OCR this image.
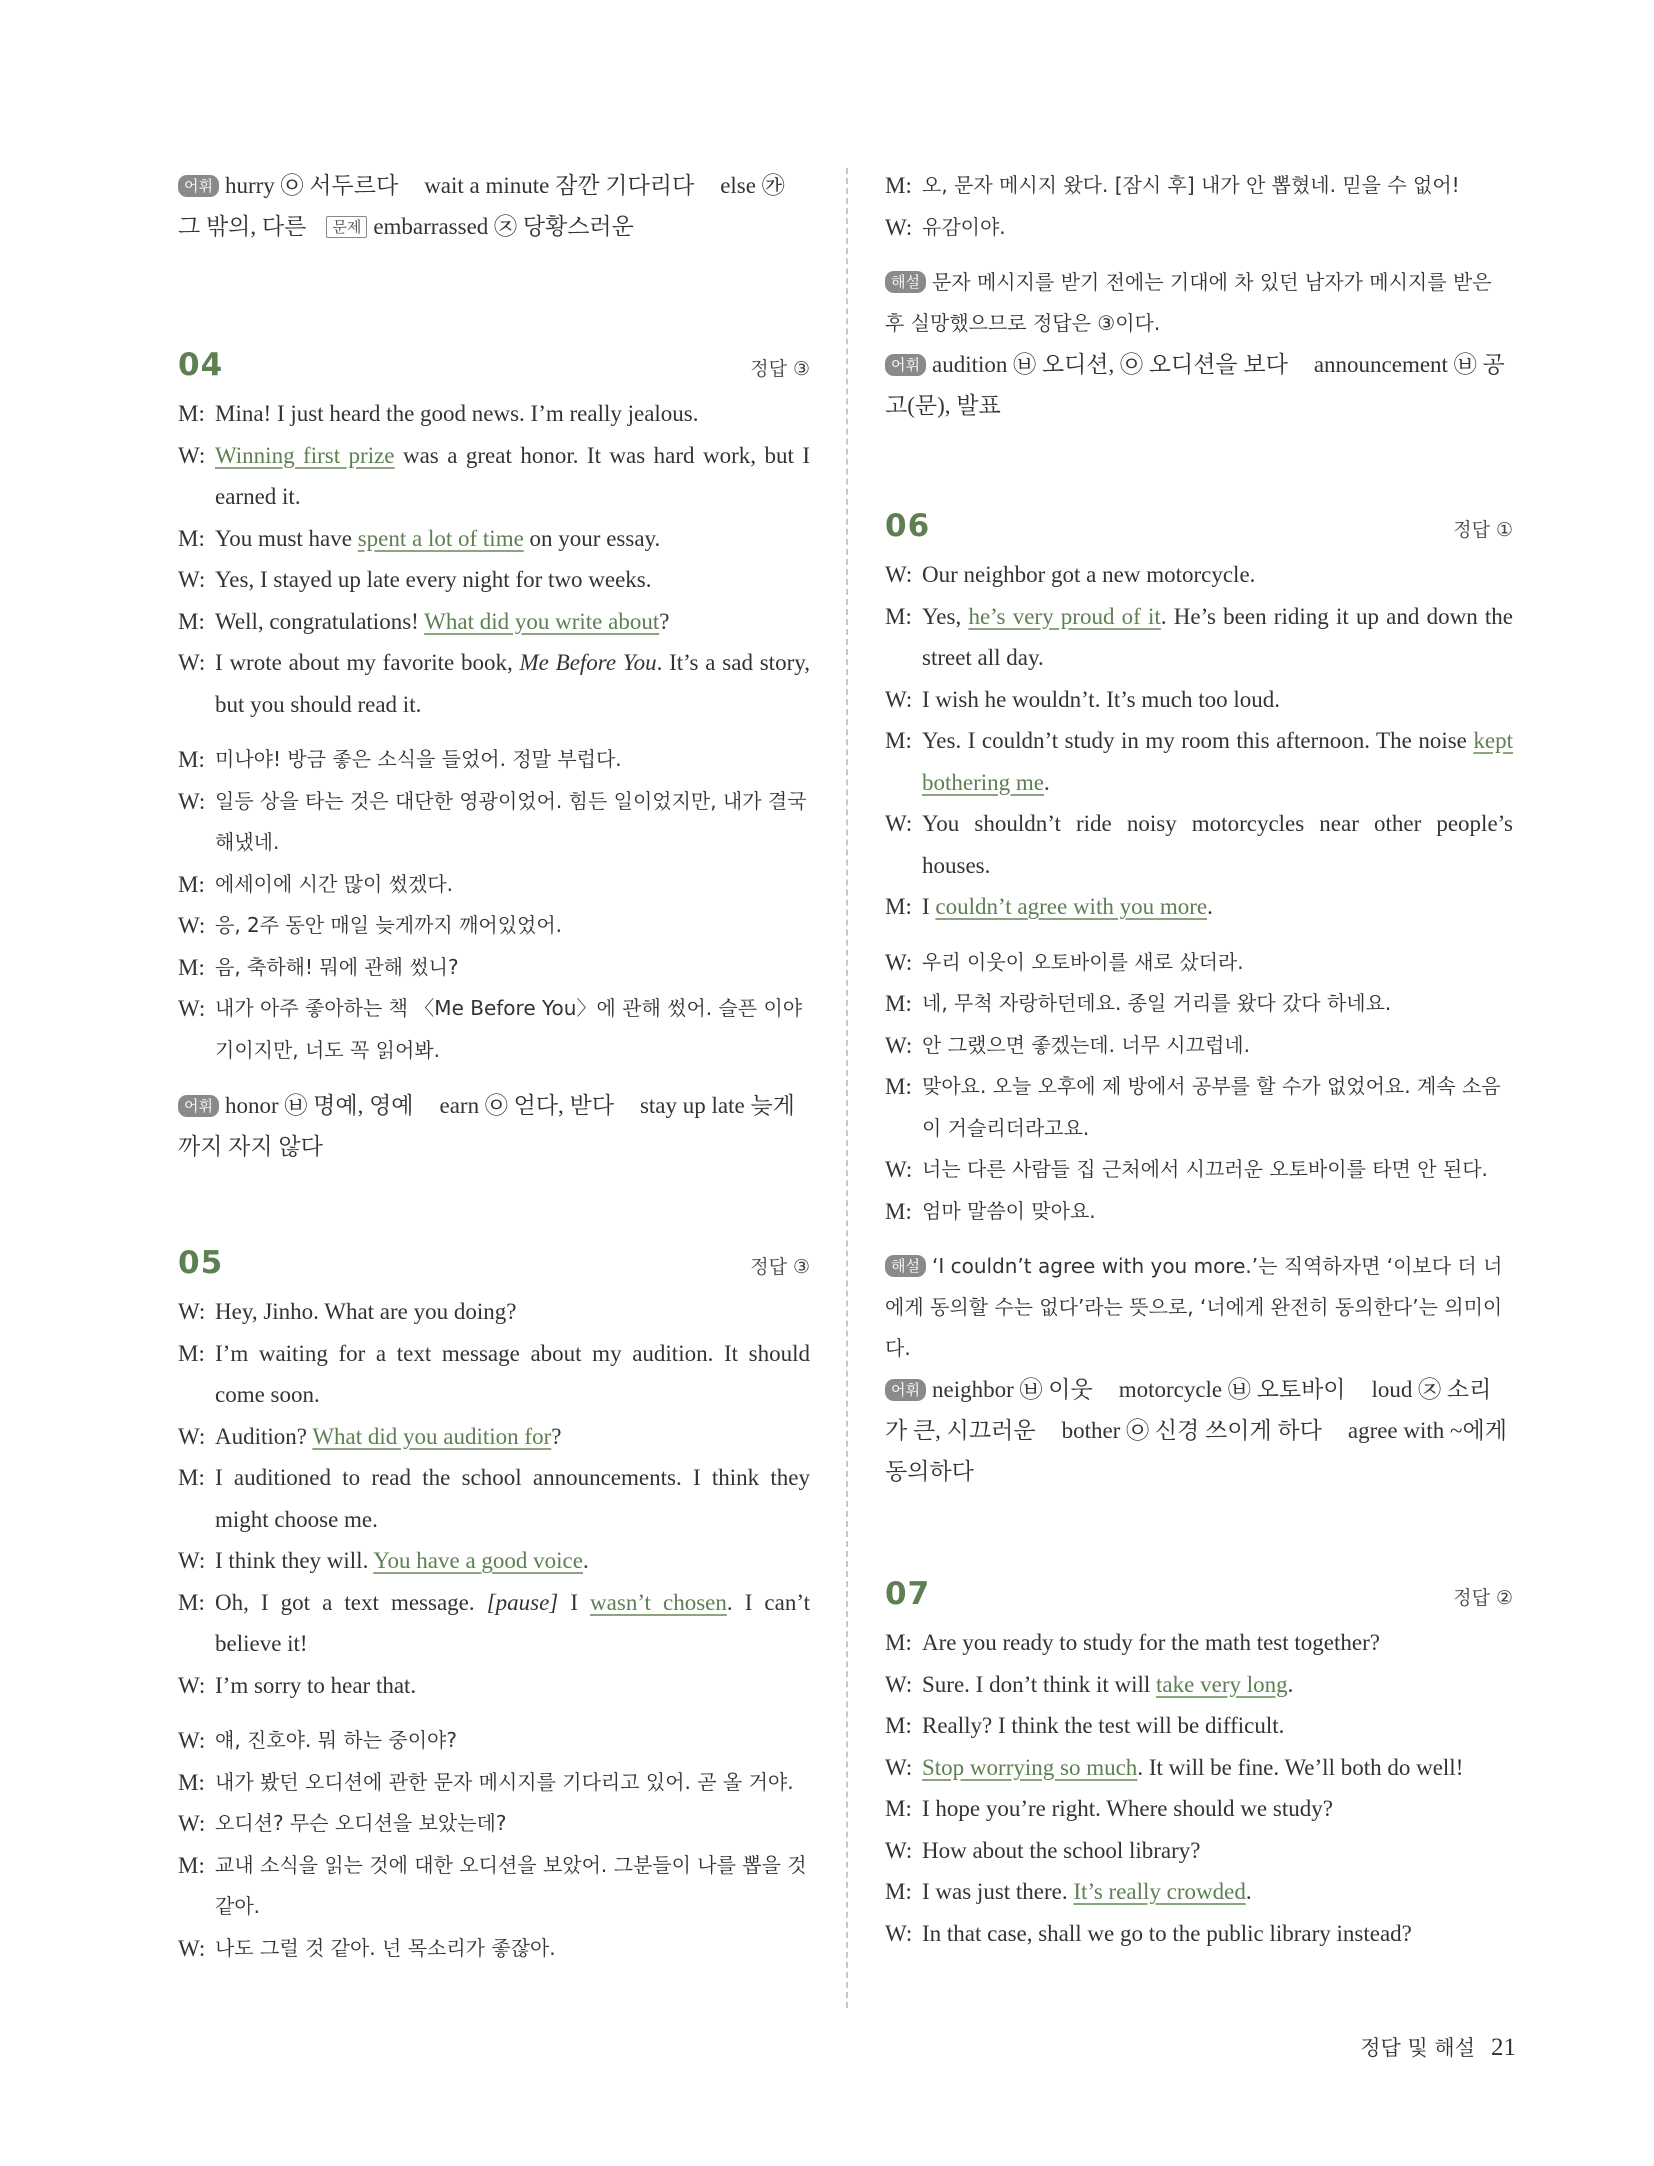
어휘 hurry ㉧ 서두르다 wait a minute 잠깐 기다리다 else ㉮ 그 밖의, 다른 문제 embarrassed ㉨ 당황스러운
04	정답 ③
M: Mina! I just heard the good news. I’m really jealous.
W: Winning first prize was a great honor. It was hard work, but I earned it.
M: You must have spent a lot of time on your essay.
W: Yes, I stayed up late every night for two weeks.
M: Well, congratulations! What did you write about?
W: I wrote about my favorite book, Me Before You. It’s a sad story, but you should read it.
M: 미나야! 방금 좋은 소식을 들었어. 정말 부럽다.
W: 일등 상을 타는 것은 대단한 영광이었어. 힘든 일이었지만, 내가 결국 해냈네.
M: 에세이에 시간 많이 썼겠다.
W: 응, 2주 동안 매일 늦게까지 깨어있었어.
M: 음, 축하해! 뭐에 관해 썼니?
W: 내가 아주 좋아하는 책 〈Me Before You〉에 관해 썼어. 슬픈 이야기이지만, 너도 꼭 읽어봐.
어휘 honor ㉥ 명예, 영예 earn ㉧ 얻다, 받다 stay up late 늦게까지 자지 않다
05	정답 ③
W: Hey, Jinho. What are you doing?
M: I’m waiting for a text message about my audition. It should come soon.
W: Audition? What did you audition for?
M: I auditioned to read the school announcements. I think they might choose me.
W: I think they will. You have a good voice.
M: Oh, I got a text message. [pause] I wasn’t chosen. I can’t believe it!
W: I’m sorry to hear that.
W: 얘, 진호야. 뭐 하는 중이야?
M: 내가 봤던 오디션에 관한 문자 메시지를 기다리고 있어. 곧 올 거야.
W: 오디션? 무슨 오디션을 보았는데?
M: 교내 소식을 읽는 것에 대한 오디션을 보았어. 그분들이 나를 뽑을 것 같아.
W: 나도 그럴 것 같아. 넌 목소리가 좋잖아.
M: 오, 문자 메시지 왔다. [잠시 후] 내가 안 뽑혔네. 믿을 수 없어!
W: 유감이야.
해설 문자 메시지를 받기 전에는 기대에 차 있던 남자가 메시지를 받은 후 실망했으므로 정답은 ③이다.
어휘 audition ㉥ 오디션, ㉧ 오디션을 보다 announcement ㉥ 공고(문), 발표
06	정답 ①
W: Our neighbor got a new motorcycle.
M: Yes, he’s very proud of it. He’s been riding it up and down the street all day.
W: I wish he wouldn’t. It’s much too loud.
M: Yes. I couldn’t study in my room this afternoon. The noise kept bothering me.
W: You shouldn’t ride noisy motorcycles near other people’s houses.
M: I couldn’t agree with you more.
W: 우리 이웃이 오토바이를 새로 샀더라.
M: 네, 무척 자랑하던데요. 종일 거리를 왔다 갔다 하네요.
W: 안 그랬으면 좋겠는데. 너무 시끄럽네.
M: 맞아요. 오늘 오후에 제 방에서 공부를 할 수가 없었어요. 계속 소음이 거슬리더라고요.
W: 너는 다른 사람들 집 근처에서 시끄러운 오토바이를 타면 안 된다.
M: 엄마 말씀이 맞아요.
해설 ‘I couldn’t agree with you more.’는 직역하자면 ‘이보다 더 너에게 동의할 수는 없다’라는 뜻으로, ‘너에게 완전히 동의한다’는 의미이다.
어휘 neighbor ㉥ 이웃 motorcycle ㉥ 오토바이 loud ㉨ 소리가 큰, 시끄러운 bother ㉧ 신경 쓰이게 하다 agree with ~에게 동의하다
07	정답 ②
M: Are you ready to study for the math test together?
W: Sure. I don’t think it will take very long.
M: Really? I think the test will be difficult.
W: Stop worrying so much. It will be fine. We’ll both do well!
M: I hope you’re right. Where should we study?
W: How about the school library?
M: I was just there. It’s really crowded.
W: In that case, shall we go to the public library instead?
정답 및 해설 21
